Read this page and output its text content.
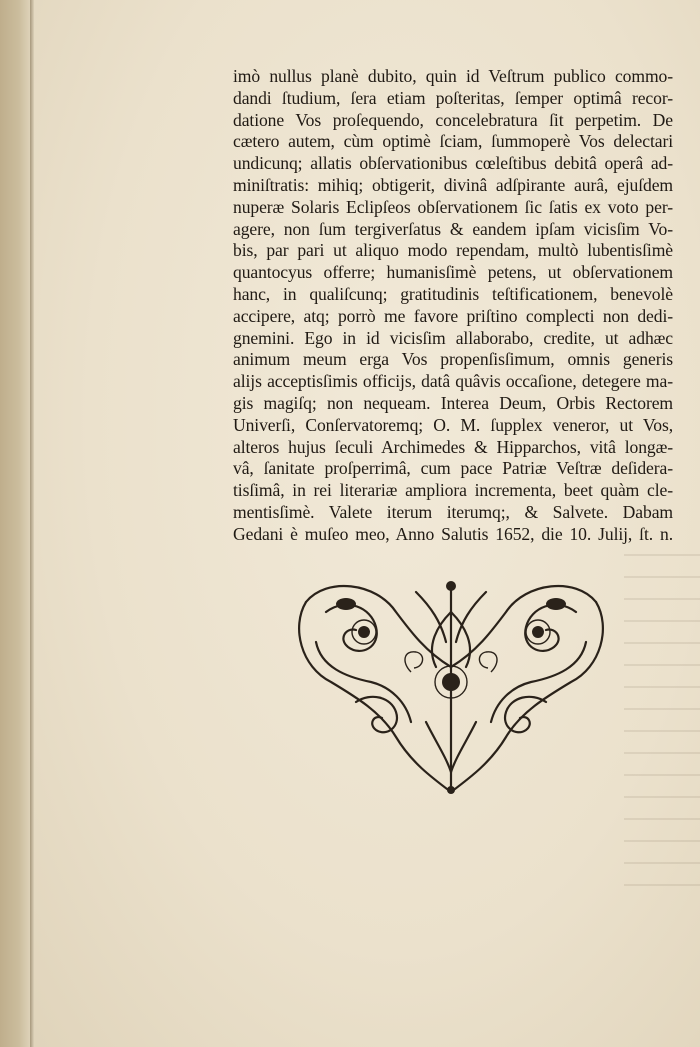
imò nullus planè dubito, quin id Veſtrum publico commo-
dandi ſtudium, ſera etiam poſteritas, ſemper optimâ recor-
datione Vos proſequendo, concelebratura ſit perpetim. De
cætero autem, cùm optimè ſciam, ſummoperè Vos delectari
undicunq; allatis obſervationibus cœleſtibus debitâ operâ ad-
miniſtratis: mihiq; obtigerit, divinâ adſpirante aurâ, ejuſdem
nuperæ Solaris Eclipſeos obſervationem ſic ſatis ex voto per-
agere, non ſum tergiverſatus & eandem ipſam vicisſim Vo-
bis, par pari ut aliquo modo rependam, multò lubentisſimè
quantocyus offerre; humanisſimè petens, ut obſervationem
hanc, in qualiſcunq; gratitudinis teſtificationem, benevolè
accipere, atq; porrò me favore priſtino complecti non dedi-
gnemini. Ego in id vicisſim allaborabo, credite, ut adhæc
animum meum erga Vos propenſisſimum, omnis generis
alijs acceptisſimis officijs, datâ quâvis occaſione, detegere ma-
gis magiſq; non nequeam. Interea Deum, Orbis Rectorem
Univerſi, Conſervatoremq; O. M. ſupplex veneror, ut Vos,
alteros hujus ſeculi Archimedes & Hipparchos, vitâ longæ-
vâ, ſanitate proſperrimâ, cum pace Patriæ Veſtræ deſidera-
tisſimâ, in rei literariæ ampliora incrementa, beet quàm cle-
mentisſimè. Valete iterum iterumq;, & Salvete. Dabam
Gedani è muſeo meo, Anno Salutis 1652, die 10. Julij, ſt. n.
